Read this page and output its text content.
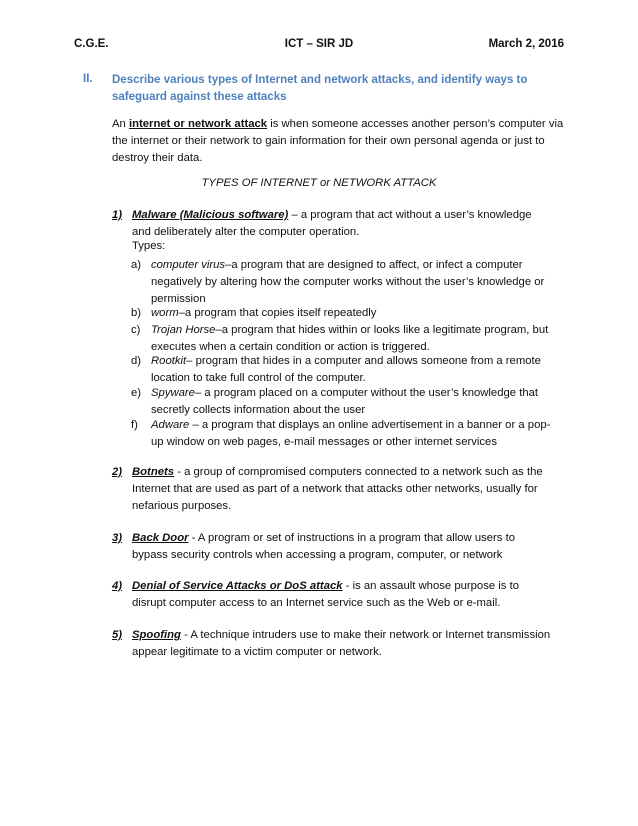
C.G.E.	ICT – SIR JD	March 2, 2016
II. Describe various types of Internet and network attacks, and identify ways to safeguard against these attacks
An internet or network attack is when someone accesses another person’s computer via the internet or their network to gain information for their own personal agenda or just to destroy their data.
TYPES OF INTERNET or NETWORK ATTACK
1) Malware (Malicious software) – a program that act without a user’s knowledge and deliberately alter the computer operation.
Types:
a) computer virus–a program that are designed to affect, or infect a computer negatively by altering how the computer works without the user’s knowledge or permission
b) worm–a program that copies itself repeatedly
c) Trojan Horse–a program that hides within or looks like a legitimate program, but executes when a certain condition or action is triggered.
d) Rootkit– program that hides in a computer and allows someone from a remote location to take full control of the computer.
e) Spyware– a program placed on a computer without the user’s knowledge that secretly collects information about the user
f) Adware – a program that displays an online advertisement in a banner or a pop-up window on web pages, e-mail messages or other internet services
2) Botnets - a group of compromised computers connected to a network such as the Internet that are used as part of a network that attacks other networks, usually for nefarious purposes.
3) Back Door - A program or set of instructions in a program that allow users to bypass security controls when accessing a program, computer, or network
4) Denial of Service Attacks or DoS attack - is an assault whose purpose is to disrupt computer access to an Internet service such as the Web or e-mail.
5) Spoofing - A technique intruders use to make their network or Internet transmission appear legitimate to a victim computer or network.
